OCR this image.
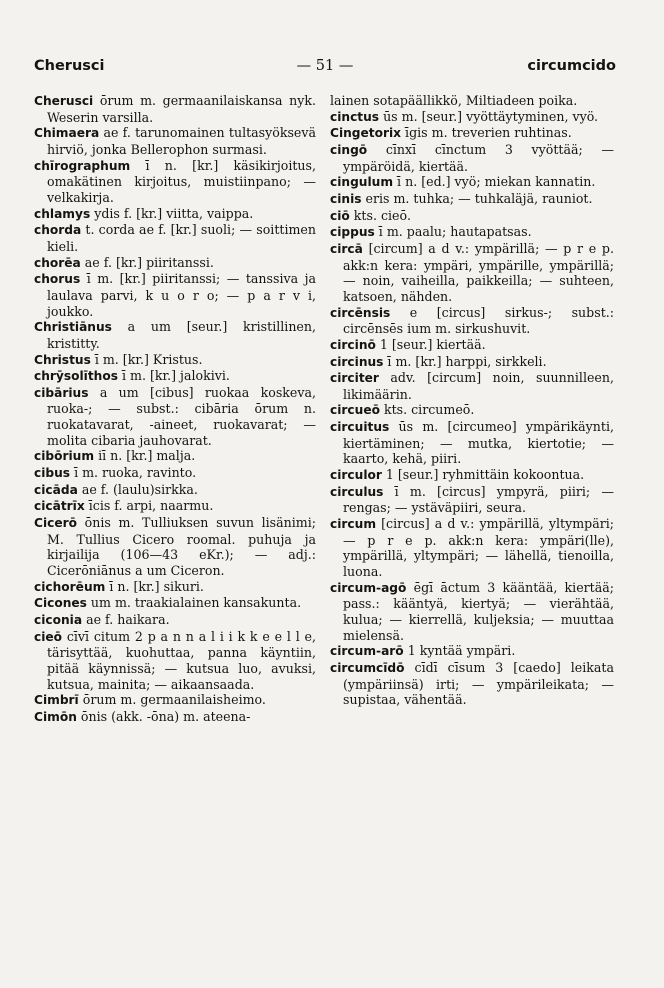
— 51 —
Cherusci	circumcido

Cherusci ōrum m. germaanilaiskansa nyk. Weserin varsilla.

Chimaera ae f. tarunomainen tultasyöksevä hirviö, jonka Bellerophon surmasi.

chīrographum ī n. [kr.] käsikirjoitus, omakätinen kirjoitus, muistiinpano; — velkakirja.

chlamys ydis f. [kr.] viitta, vaippa.

chorda t. corda ae f. [kr.] suoli; — soittimen kieli.

chorēa ae f. [kr.] piiritanssi.

chorus ī m. [kr.] piiritanssi; — tanssiva ja laulava parvi, k u o r o; — p a r v i, joukko.

Christiānus a um [seur.] kristillinen, kristitty.

Christus ī m. [kr.] Kristus.

chrȳsolīthos ī m. [kr.] jalokivi.

cibārius a um [cibus] ruokaa koskeva, ruoka-; — subst.: cibāria ōrum n. ruokatavarat, -aineet, ruokavarat; — molita cibaria jauhovarat.

cibōrium iī n. [kr.] malja.

cibus ī m. ruoka, ravinto.

cicāda ae f. (laulu)sirkka.

cicātrīx īcis f. arpi, naarmu.

Cicerō ōnis m. Tulliuksen suvun lisänimi; M. Tullius Cicero roomal. puhuja ja kirjailija (106—43 eKr.); — adj.: Cicerōniānus a um Ciceron.

cichorēum ī n. [kr.] sikuri.

Cicones um m. traakialainen kansakunta.

ciconia ae f. haikara.

cieō cīvī citum 2 p a n n a l i i k k e e l l e, tärisyttää, kuohuttaa, panna käyntiin, pitää käynnissä; — kutsua luo, avuksi, kutsua, mainita; — aikaansaada.

Cimbrī ōrum m. germaanilaisheimo.

Cimōn ōnis (akk. -ōna) m. ateena-

lainen sotapäällikkö, Miltiadeen poika.

cinctus ūs m. [seur.] vyöttäytyminen, vyö.

Cingetorix īgis m. treverien ruhtinas.

cingō cīnxī cīnctum 3 vyöttää; — ympäröidä, kiertää.

cingulum ī n. [ed.] vyö; miekan kannatin.

cinis eris m. tuhka; — tuhkaläjä, rauniot.

ciō kts. cieō.

cippus ī m. paalu; hautapatsas.

circā [circum] a d v.: ympärillä; — p r e p. akk:n kera: ympäri, ympärille, ympärillä; — noin, vaiheilla, paikkeilla; — suhteen, katsoen, nähden.

circēnsis e [circus] sirkus-; subst.: circēnsēs ium m. sirkushuvit.

circinō 1 [seur.] kiertää.

circinus ī m. [kr.] harppi, sirkkeli.

circiter adv. [circum] noin, suunnilleen, likimäärin.

circueō kts. circumeō.

circuitus ūs m. [circumeo] ympärikäynti, kiertäminen; — mutka, kiertotie; — kaarto, kehä, piiri.

circulor 1 [seur.] ryhmittäin kokoontua.

circulus ī m. [circus] ympyrä, piiri; — rengas; — ystäväpiiri, seura.

circum [circus] a d v.: ympärillä, yltympäri; — p r e p. akk:n kera: ympäri(lle), ympärillä, yltympäri; — lähellä, tienoilla, luona.

circum-agō ēgī āctum 3 kääntää, kiertää; pass.: kääntyä, kiertyä; — vierähtää, kulua; — kierrellä, kuljeksia; — muuttaa mielensä.

circum-arō 1 kyntää ympäri.

circumcīdō cīdī cīsum 3 [caedo] leikata (ympäriinsä) irti; — ympärileikata; — supistaa, vähentää.
